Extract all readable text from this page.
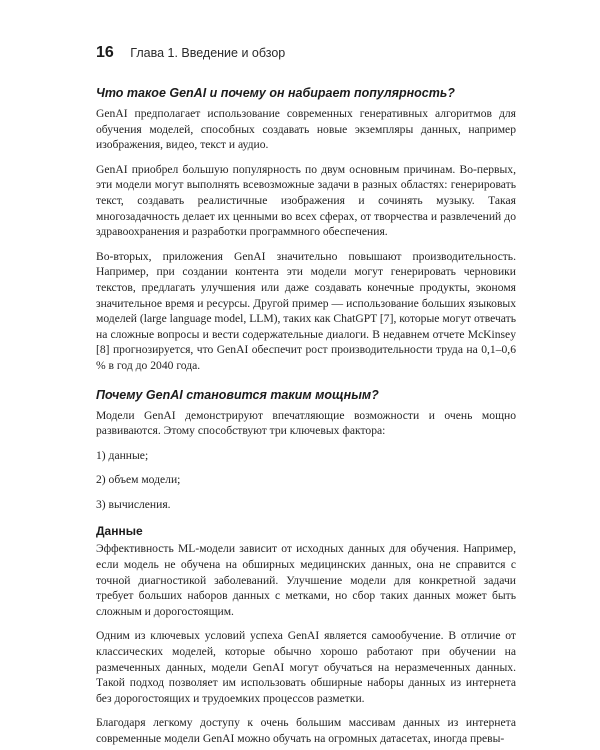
16 Глава 1. Введение и обзор
Что такое GenAI и почему он набирает популярность?

GenAI предполагает использование современных генеративных алгоритмов для обучения моделей, способных создавать новые экземпляры данных, например изображения, видео, текст и аудио.

GenAI приобрел большую популярность по двум основным причинам. Во-первых, эти модели могут выполнять всевозможные задачи в разных областях: генерировать текст, создавать реалистичные изображения и сочинять музыку. Такая многозадачность делает их ценными во всех сферах, от творчества и развлечений до здравоохранения и разработки программного обеспечения.

Во-вторых, приложения GenAI значительно повышают производительность. Например, при создании контента эти модели могут генерировать черновики текстов, предлагать улучшения или даже создавать конечные продукты, экономя значительное время и ресурсы. Другой пример — использование больших языковых моделей (large language model, LLM), таких как ChatGPT [7], которые могут отвечать на сложные вопросы и вести содержательные диалоги. В недавнем отчете McKinsey [8] прогнозируется, что GenAI обеспечит рост производительности труда на 0,1–0,6 % в год до 2040 года.

Почему GenAI становится таким мощным?

Модели GenAI демонстрируют впечатляющие возможности и очень мощно развиваются. Этому способствуют три ключевых фактора:

1) данные;
2) объем модели;
3) вычисления.
Данные

Эффективность ML-модели зависит от исходных данных для обучения. Например, если модель не обучена на обширных медицинских данных, она не справится с точной диагностикой заболеваний. Улучшение модели для конкретной задачи требует больших наборов данных с метками, но сбор таких данных может быть сложным и дорогостоящим.

Одним из ключевых условий успеха GenAI является самообучение. В отличие от классических моделей, которые обычно хорошо работают при обучении на размеченных данных, модели GenAI могут обучаться на неразмеченных данных. Такой подход позволяет им использовать обширные наборы данных из интернета без дорогостоящих и трудоемких процессов разметки.

Благодаря легкому доступу к очень большим массивам данных из интернета современные модели GenAI можно обучать на огромных датасетах, иногда превы-
